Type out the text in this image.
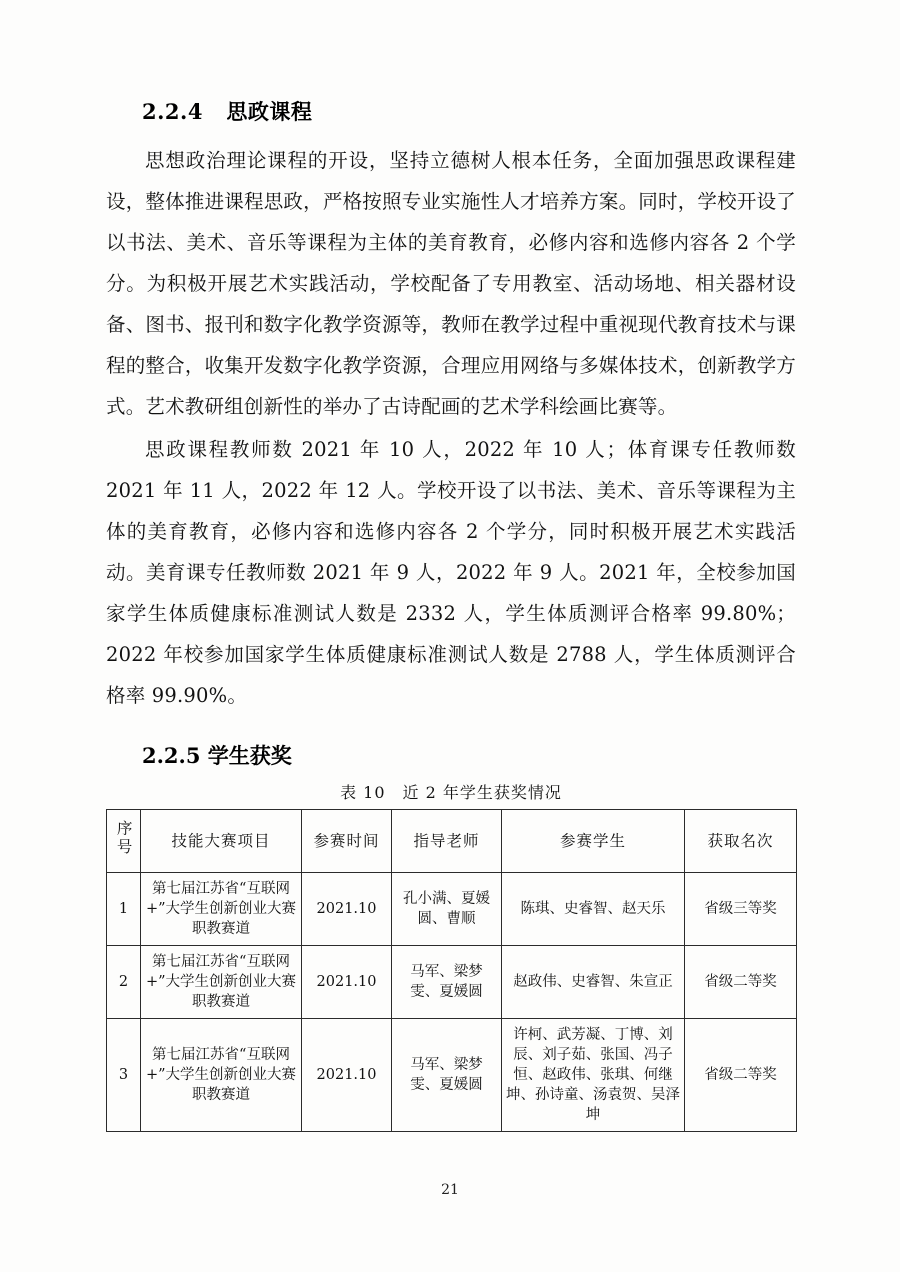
2.2.4 思政课程

思想政治理论课程的开设，坚持立德树人根本任务，全面加强思政课程建设，整体推进课程思政，严格按照专业实施性人才培养方案。同时，学校开设了以书法、美术、音乐等课程为主体的美育教育，必修内容和选修内容各 2 个学分。为积极开展艺术实践活动，学校配备了专用教室、活动场地、相关器材设备、图书、报刊和数字化教学资源等，教师在教学过程中重视现代教育技术与课程的整合，收集开发数字化教学资源，合理应用网络与多媒体技术，创新教学方式。艺术教研组创新性的举办了古诗配画的艺术学科绘画比赛等。

思政课程教师数 2021 年 10 人，2022 年 10 人；体育课专任教师数 2021 年 11 人，2022 年 12 人。学校开设了以书法、美术、音乐等课程为主体的美育教育，必修内容和选修内容各 2 个学分，同时积极开展艺术实践活动。美育课专任教师数 2021 年 9 人，2022 年 9 人。2021 年，全校参加国家学生体质健康标准测试人数是 2332 人，学生体质测评合格率 99.80%；2022 年校参加国家学生体质健康标准测试人数是 2788 人，学生体质测评合格率 99.90%。

2.2.5 学生获奖
表 10　近 2 年学生获奖情况
序号	技能大赛项目	参赛时间	指导老师	参赛学生	获取名次
1	第七届江苏省“互联网+”大学生创新创业大赛 职教赛道	2021.10	孔小满、夏媛圆、曹顺	陈琪、史睿智、赵天乐	省级三等奖
2	第七届江苏省“互联网+”大学生创新创业大赛职教赛道	2021.10	马军、梁梦雯、夏媛圆	赵政伟、史睿智、朱宣正	省级二等奖
3	第七届江苏省“互联网+”大学生创新创业大赛职教赛道	2021.10	马军、梁梦雯、夏媛圆	许柯、武芳凝、丁博、刘辰、刘子茹、张国、冯子恒、赵政伟、张琪、何继坤、孙诗童、汤袁贺、吴泽坤	省级二等奖
21
